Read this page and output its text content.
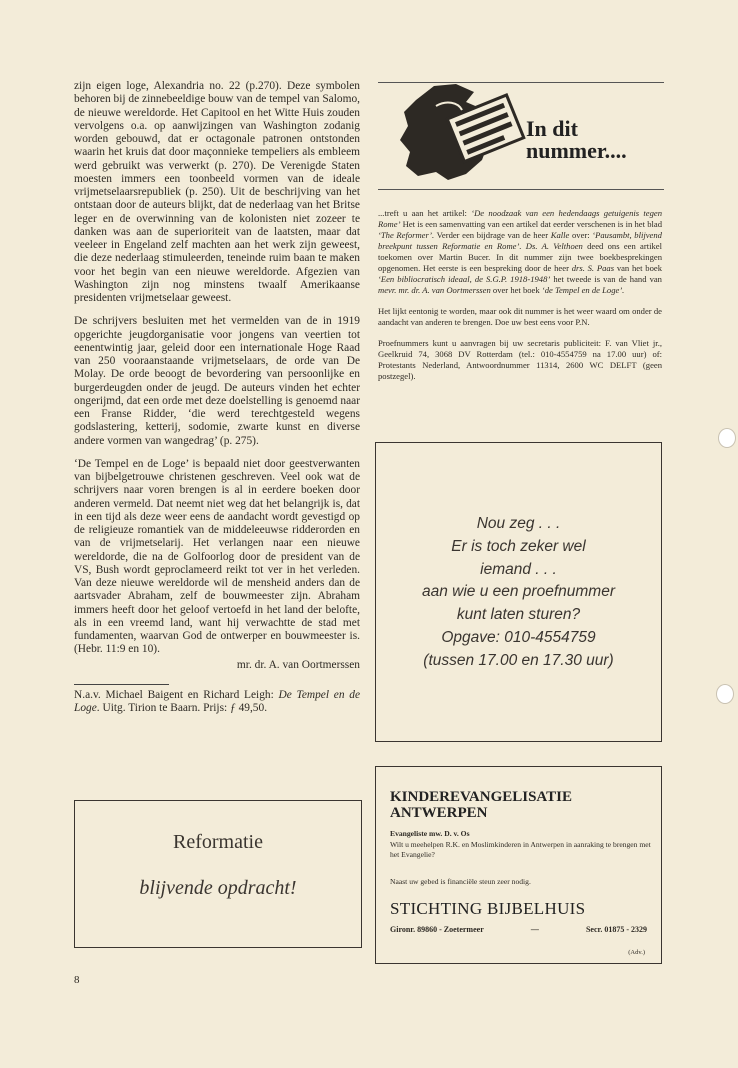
zijn eigen loge, Alexandria no. 22 (p.270). Deze symbolen behoren bij de zinnebeeldige bouw van de tempel van Salomo, de nieuwe wereldorde. Het Capitool en het Witte Huis zouden vervolgens o.a. op aanwijzingen van Washington zodanig worden gebouwd, dat er octagonale patronen ontstonden waarin het kruis dat door maçonnieke tempeliers als embleem werd gebruikt was verwerkt (p. 270). De Verenigde Staten moesten immers een toonbeeld vormen van de ideale vrijmetselaarsrepubliek (p. 250). Uit de beschrijving van het ontstaan door de auteurs blijkt, dat de nederlaag van het Britse leger en de overwinning van de kolonisten niet zozeer te danken was aan de superioriteit van de laatsten, maar dat veeleer in Engeland zelf machten aan het werk zijn geweest, die deze nederlaag stimuleerden, teneinde ruim baan te maken voor het begin van een nieuwe wereldorde. Afgezien van Washington zijn nog minstens twaalf Amerikaanse presidenten vrijmetselaar geweest.

De schrijvers besluiten met het vermelden van de in 1919 opgerichte jeugdorganisatie voor jongens van veertien tot eenentwintig jaar, geleid door een internationale Hoge Raad van 250 vooraanstaande vrijmetselaars, de orde van De Molay. De orde beoogt de bevordering van persoonlijke en burgerdeugden onder de jeugd. De auteurs vinden het echter ongerijmd, dat een orde met deze doelstelling is genoemd naar een Franse Ridder, ‘die werd terechtgesteld wegens godslastering, ketterij, sodomie, zwarte kunst en diverse andere vormen van wangedrag’ (p. 275).

‘De Tempel en de Loge’ is bepaald niet door geestverwanten van bijbelgetrouwe christenen geschreven. Veel ook wat de schrijvers naar voren brengen is al in eerdere boeken door anderen vermeld. Dat neemt niet weg dat het belangrijk is, dat in een tijd als deze weer eens de aandacht wordt gevestigd op de religieuze romantiek van de middeleeuwse ridderorden en van de vrijmetselarij. Het verlangen naar een nieuwe wereldorde, die na de Golfoorlog door de president van de VS, Bush wordt geproclameerd reikt tot ver in het verleden. Van deze nieuwe wereldorde wil de mensheid anders dan de aartsvader Abraham, zelf de bouwmeester zijn. Abraham immers heeft door het geloof vertoefd in het land der belofte, als in een vreemd land, want hij verwachtte de stad met fundamenten, waarvan God de ontwerper en bouwmeester is. (Hebr. 11:9 en 10).

mr. dr. A. van Oortmerssen
N.a.v. Michael Baigent en Richard Leigh: De Tempel en de Loge. Uitg. Tirion te Baarn. Prijs: ƒ 49,50.
Reformatie
blijvende opdracht!
In dit
nummer....

...treft u aan het artikel: ‘De noodzaak van een hedendaags getuigenis tegen Rome’ Het is een samenvatting van een artikel dat eerder verschenen is in het blad ‘The Reformer’. Verder een bijdrage van de heer Kalle over: ‘Pausambt, blijvend breekpunt tussen Reformatie en Rome’. Ds. A. Velthoen deed ons een artikel toekomen over Martin Bucer. In dit nummer zijn twee boekbesprekingen opgenomen. Het eerste is een bespreking door de heer drs. S. Paas van het boek ‘Een bibliocratisch ideaal, de S.G.P. 1918-1948’ het tweede is van de hand van mevr. mr. dr. A. van Oortmerssen over het boek ‘de Tempel en de Loge’.

Het lijkt eentonig te worden, maar ook dit nummer is het weer waard om onder de aandacht van anderen te brengen. Doe uw best eens voor P.N.

Proefnummers kunt u aanvragen bij uw secretaris publiciteit: F. van Vliet jr., Geelkruid 74, 3068 DV Rotterdam (tel.: 010-4554759 na 17.00 uur) of: Protestants Nederland, Antwoordnummer 11314, 2600 WC DELFT (geen postzegel).

Nou zeg . . .
Er is toch zeker wel
iemand . . .
aan wie u een proefnummer
kunt laten sturen?
Opgave: 010-4554759
(tussen 17.00 en 17.30 uur)
KINDEREVANGELISATIE ANTWERPEN
Evangeliste mw. D. v. Os
Wilt u meehelpen R.K. en Moslimkinderen in Antwerpen in aanraking te brengen met het Evangelie?
Naast uw gebed is financiële steun zeer nodig.
STICHTING BIJBELHUIS
Gironr. 89860 - Zoetermeer	—	Secr. 01875 - 2329
(Adv.)
8
